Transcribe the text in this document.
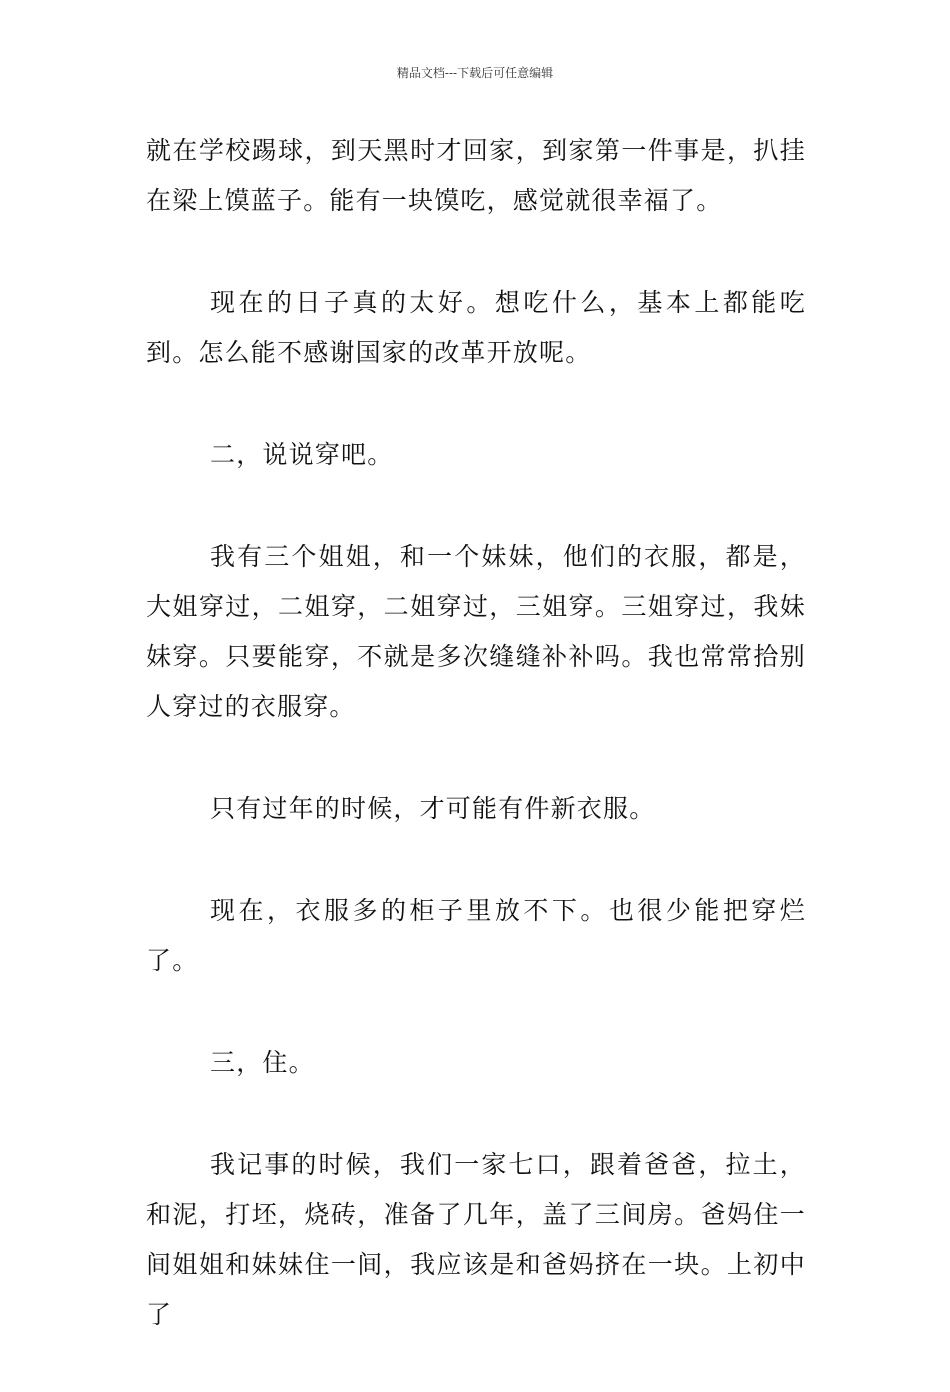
精品文档---下载后可任意编辑

就在学校踢球，到天黑时才回家，到家第一件事是，扒挂在梁上馍蓝子。能有一块馍吃，感觉就很幸福了。

现在的日子真的太好。想吃什么，基本上都能吃到。怎么能不感谢国家的改革开放呢。

二，说说穿吧。

我有三个姐姐，和一个妹妹，他们的衣服，都是，大姐穿过，二姐穿，二姐穿过，三姐穿。三姐穿过，我妹妹穿。只要能穿，不就是多次缝缝补补吗。我也常常拾别人穿过的衣服穿。

只有过年的时候，才可能有件新衣服。

现在，衣服多的柜子里放不下。也很少能把穿烂了。

三，住。

我记事的时候，我们一家七口，跟着爸爸，拉土，和泥，打坯，烧砖，准备了几年，盖了三间房。爸妈住一间姐姐和妹妹住一间，我应该是和爸妈挤在一块。上初中了
